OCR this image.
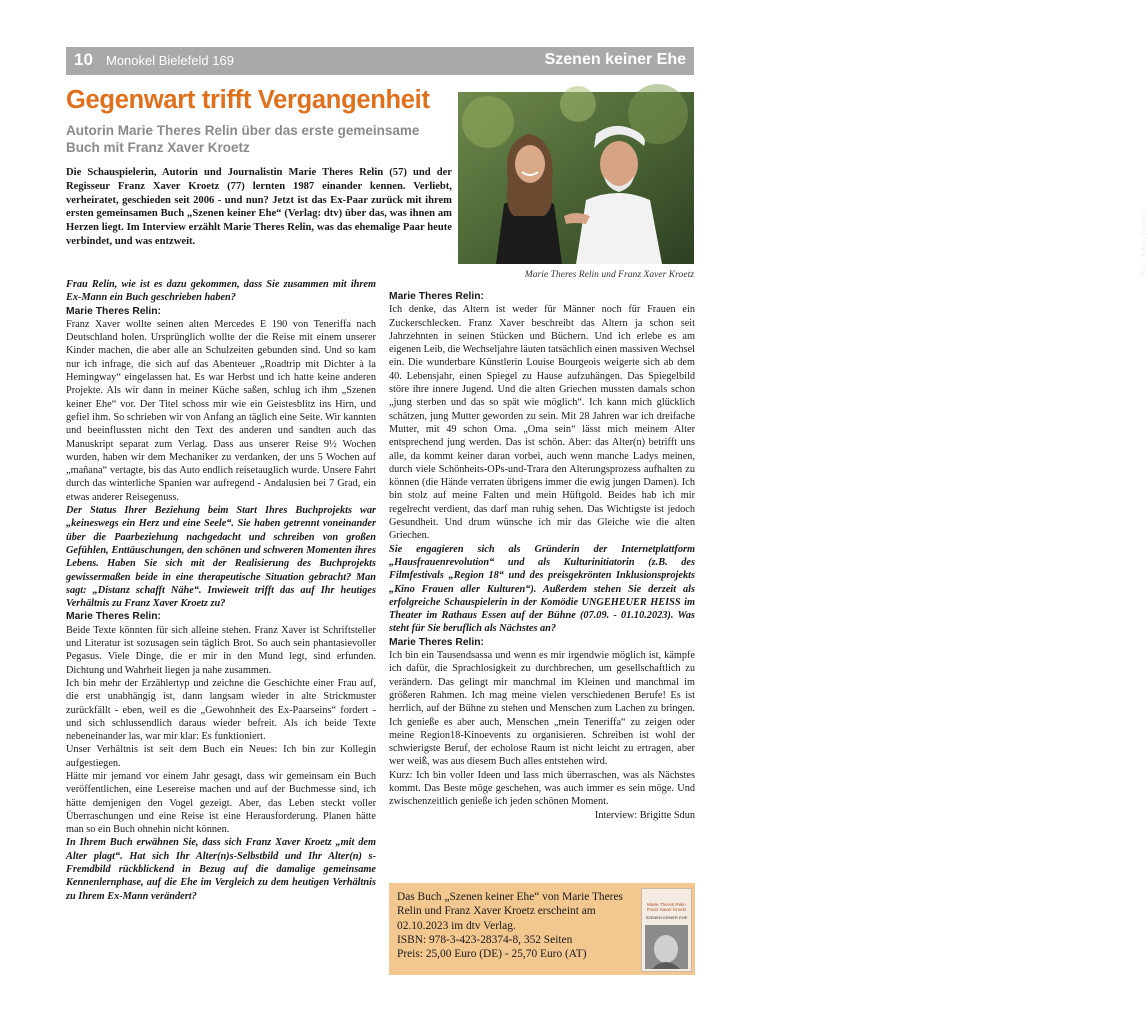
10 Monokel Bielefeld 169	Szenen keiner Ehe
Gegenwart trifft Vergangenheit
Autorin Marie Theres Relin über das erste gemeinsame Buch mit Franz Xaver Kroetz
Die Schauspielerin, Autorin und Journalistin Marie Theres Relin (57) und der Regisseur Franz Xaver Kroetz (77) lernten 1987 einander kennen. Verliebt, verheiratet, geschieden seit 2006 - und nun? Jetzt ist das Ex-Paar zurück mit ihrem ersten gemeinsamen Buch „Szenen keiner Ehe“ (Verlag: dtv) über das, was ihnen am Herzen liegt. Im Interview erzählt Marie Theres Relin, was das ehemalige Paar heute verbindet, und was entzweit.	Foto: Karin Boesch
Marie Theres Relin und Franz Xaver Kroetz

Frau Relin, wie ist es dazu gekommen, dass Sie zusammen mit ihrem Ex-Mann ein Buch geschrieben haben?

Marie Theres Relin:

Franz Xaver wollte seinen alten Mercedes E 190 von Teneriffa nach Deutschland holen. Ursprünglich wollte der die Reise mit einem unserer Kinder machen, die aber alle an Schulzeiten gebunden sind. Und so kam nur ich infrage, die sich auf das Abenteuer „Roadtrip mit Dichter à la Hemingway“ eingelassen hat. Es war Herbst und ich hatte keine anderen Projekte. Als wir dann in meiner Küche saßen, schlug ich ihm „Szenen keiner Ehe“ vor. Der Titel schoss mir wie ein Geistesblitz ins Hirn, und gefiel ihm. So schrieben wir von Anfang an täglich eine Seite. Wir kannten und beeinflussten nicht den Text des anderen und sandten auch das Manuskript separat zum Verlag. Dass aus unserer Reise 9½ Wochen wurden, haben wir dem Mechaniker zu verdanken, der uns 5 Wochen auf „mañana“ vertagte, bis das Auto endlich reisetauglich wurde. Unsere Fahrt durch das winterliche Spanien war aufregend - Andalusien bei 7 Grad, ein etwas anderer Reisegenuss.

Der Status Ihrer Beziehung beim Start Ihres Buchprojekts war „keineswegs ein Herz und eine Seele“. Sie haben getrennt voneinander über die Paarbeziehung nachgedacht und schreiben von großen Gefühlen, Enttäuschungen, den schönen und schweren Momenten ihres Lebens. Haben Sie sich mit der Realisierung des Buchprojekts gewissermaßen beide in eine therapeutische Situation gebracht? Man sagt: „Distanz schafft Nähe“. Inwieweit trifft das auf Ihr heutiges Verhältnis zu Franz Xaver Kroetz zu?

Marie Theres Relin:

Beide Texte könnten für sich alleine stehen. Franz Xaver ist Schriftsteller und Literatur ist sozusagen sein täglich Brot. So auch sein phantasievoller Pegasus. Viele Dinge, die er mir in den Mund legt, sind erfunden. Dichtung und Wahrheit liegen ja nahe zusammen.

Ich bin mehr der Erzählertyp und zeichne die Geschichte einer Frau auf, die erst unabhängig ist, dann langsam wieder in alte Strickmuster zurückfällt - eben, weil es die „Gewohnheit des Ex-Paarseins“ fordert - und sich schlussendlich daraus wieder befreit. Als ich beide Texte nebeneinander las, war mir klar: Es funktioniert.

Unser Verhältnis ist seit dem Buch ein Neues: Ich bin zur Kollegin aufgestiegen.

Hätte mir jemand vor einem Jahr gesagt, dass wir gemeinsam ein Buch veröffentlichen, eine Lesereise machen und auf der Buchmesse sind, ich hätte demjenigen den Vogel gezeigt. Aber, das Leben steckt voller Überraschungen und eine Reise ist eine Herausforderung. Planen hätte man so ein Buch ohnehin nicht können.

In Ihrem Buch erwähnen Sie, dass sich Franz Xaver Kroetz „mit dem Alter plagt“. Hat sich Ihr Alter(n)s-Selbstbild und Ihr Alter(n) s-Fremdbild rückblickend in Bezug auf die damalige gemeinsame Kennenlernphase, auf die Ehe im Vergleich zu dem heutigen Verhältnis zu Ihrem Ex-Mann verändert?

Marie Theres Relin:

Ich denke, das Altern ist weder für Männer noch für Frauen ein Zuckerschlecken. Franz Xaver beschreibt das Altern ja schon seit Jahrzehnten in seinen Stücken und Büchern. Und ich erlebe es am eigenen Leib, die Wechseljahre läuten tatsächlich einen massiven Wechsel ein. Die wunderbare Künstlerin Louise Bourgeois weigerte sich ab dem 40. Lebensjahr, einen Spiegel zu Hause aufzuhängen. Das Spiegelbild störe ihre innere Jugend. Und die alten Griechen mussten damals schon „jung sterben und das so spät wie möglich“. Ich kann mich glücklich schätzen, jung Mutter geworden zu sein. Mit 28 Jahren war ich dreifache Mutter, mit 49 schon Oma. „Oma sein“ lässt mich meinem Alter entsprechend jung werden. Das ist schön. Aber: das Alter(n) betrifft uns alle, da kommt keiner daran vorbei, auch wenn manche Ladys meinen, durch viele Schönheits-OPs-und-Trara den Alterungsprozess aufhalten zu können (die Hände verraten übrigens immer die ewig jungen Damen). Ich bin stolz auf meine Falten und mein Hüftgold. Beides hab ich mir regelrecht verdient, das darf man ruhig sehen. Das Wichtigste ist jedoch Gesundheit. Und drum wünsche ich mir das Gleiche wie die alten Griechen.

Sie engagieren sich als Gründerin der Internetplattform „Hausfrauenrevolution“ und als Kulturinitiatorin (z.B. des Filmfestivals „Region 18“ und des preisgekrönten Inklusionsprojekts „Kino Frauen aller Kulturen“). Außerdem stehen Sie derzeit als erfolgreiche Schauspielerin in der Komödie UNGEHEUER HEISS im Theater im Rathaus Essen auf der Bühne (07.09. - 01.10.2023). Was steht für Sie beruflich als Nächstes an?

Marie Theres Relin:

Ich bin ein Tausendsassa und wenn es mir irgendwie möglich ist, kämpfe ich dafür, die Sprachlosigkeit zu durchbrechen, um gesellschaftlich zu verändern. Das gelingt mir manchmal im Kleinen und manchmal im größeren Rahmen. Ich mag meine vielen verschiedenen Berufe! Es ist herrlich, auf der Bühne zu stehen und Menschen zum Lachen zu bringen. Ich genieße es aber auch, Menschen „mein Teneriffa“ zu zeigen oder meine Region18-Kinoevents zu organisieren. Schreiben ist wohl der schwierigste Beruf, der echolose Raum ist nicht leicht zu ertragen, aber wer weiß, was aus diesem Buch alles entstehen wird.

Kurz: Ich bin voller Ideen und lass mich überraschen, was als Nächstes kommt. Das Beste möge geschehen, was auch immer es sein möge. Und zwischenzeitlich genieße ich jeden schönen Moment.

Interview: Brigitte Sdun

Das Buch „Szenen keiner Ehe“ von Marie Theres Relin und Franz Xaver Kroetz erscheint am 02.10.2023 im dtv Verlag.
ISBN: 978-3-423-28374-8, 352 Seiten
Preis: 25,00 Euro (DE) - 25,70 Euro (AT)
Marie Theres Relin Franz Xaver Kroetz
SZENEN KEINER EHE
